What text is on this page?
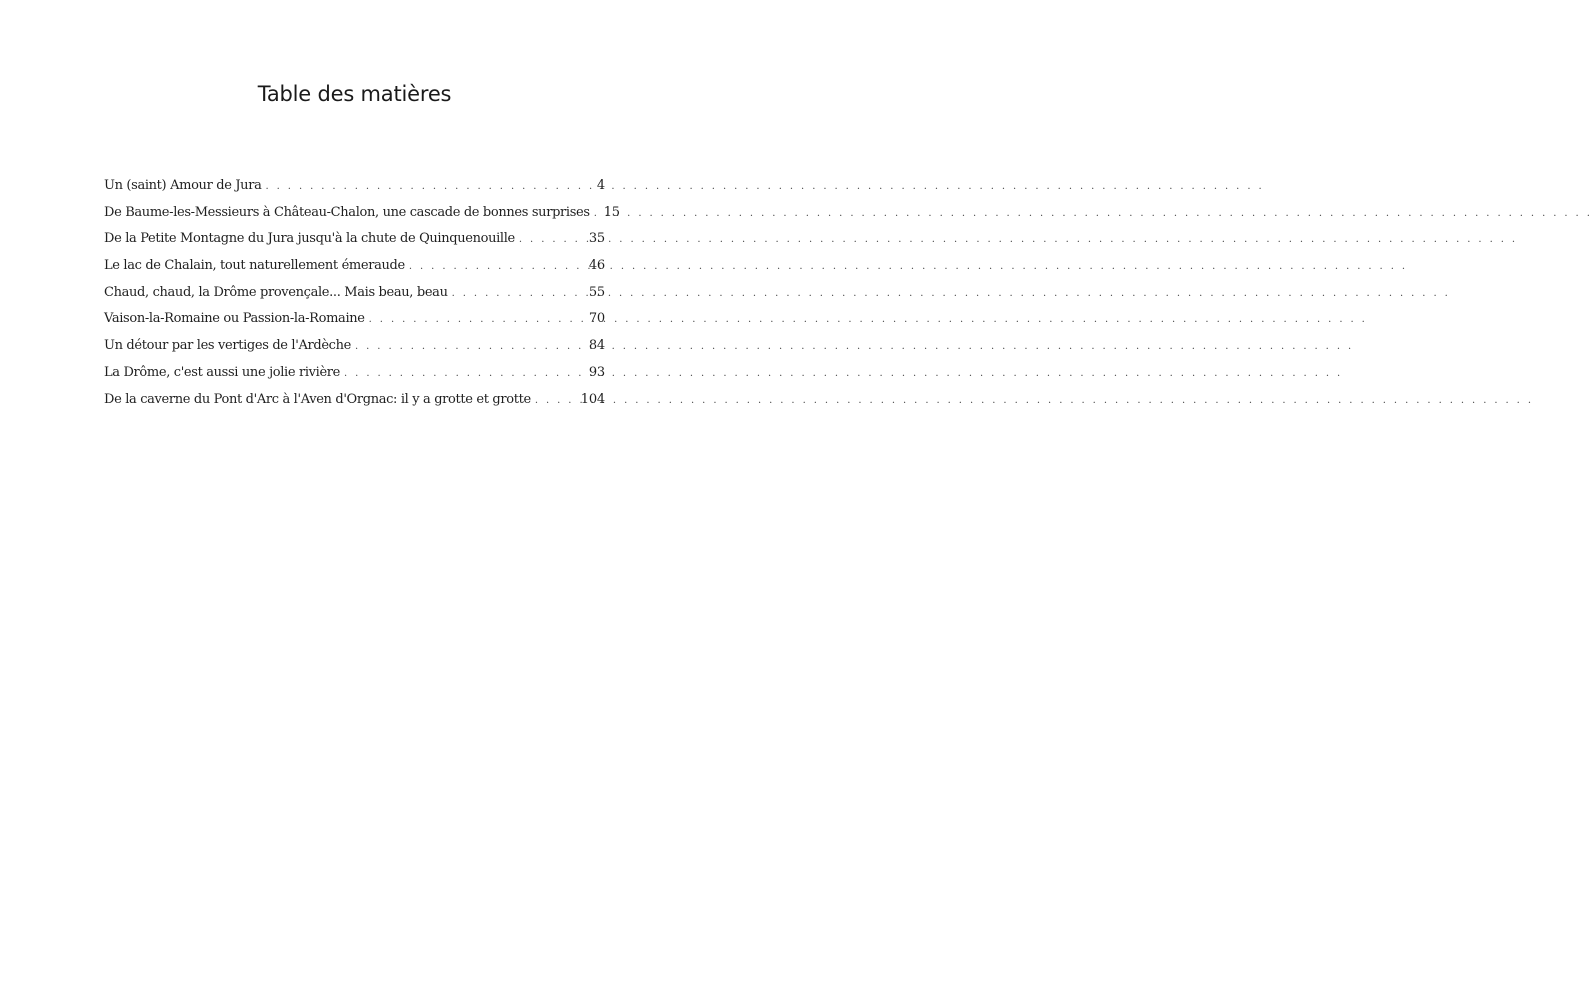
Table des matières
Un (saint) Amour de Jura . . .	4
De Baume-les-Messieurs à Château-Chalon, une cascade de bonnes surprises . . . 15
De la Petite Montagne du Jura jusqu'à la chute de Quinquenouille . . .	35
Le lac de Chalain, tout naturellement émeraude . . .	46
Chaud, chaud, la Drôme provençale... Mais beau, beau . . .	55
Vaison-la-Romaine ou Passion-la-Romaine . . .	70
Un détour par les vertiges de l'Ardèche . . .	84
La Drôme, c'est aussi une jolie rivière . . .	93
De la caverne du Pont d'Arc à l'Aven d'Orgnac: il y a grotte et grotte . . .	104
